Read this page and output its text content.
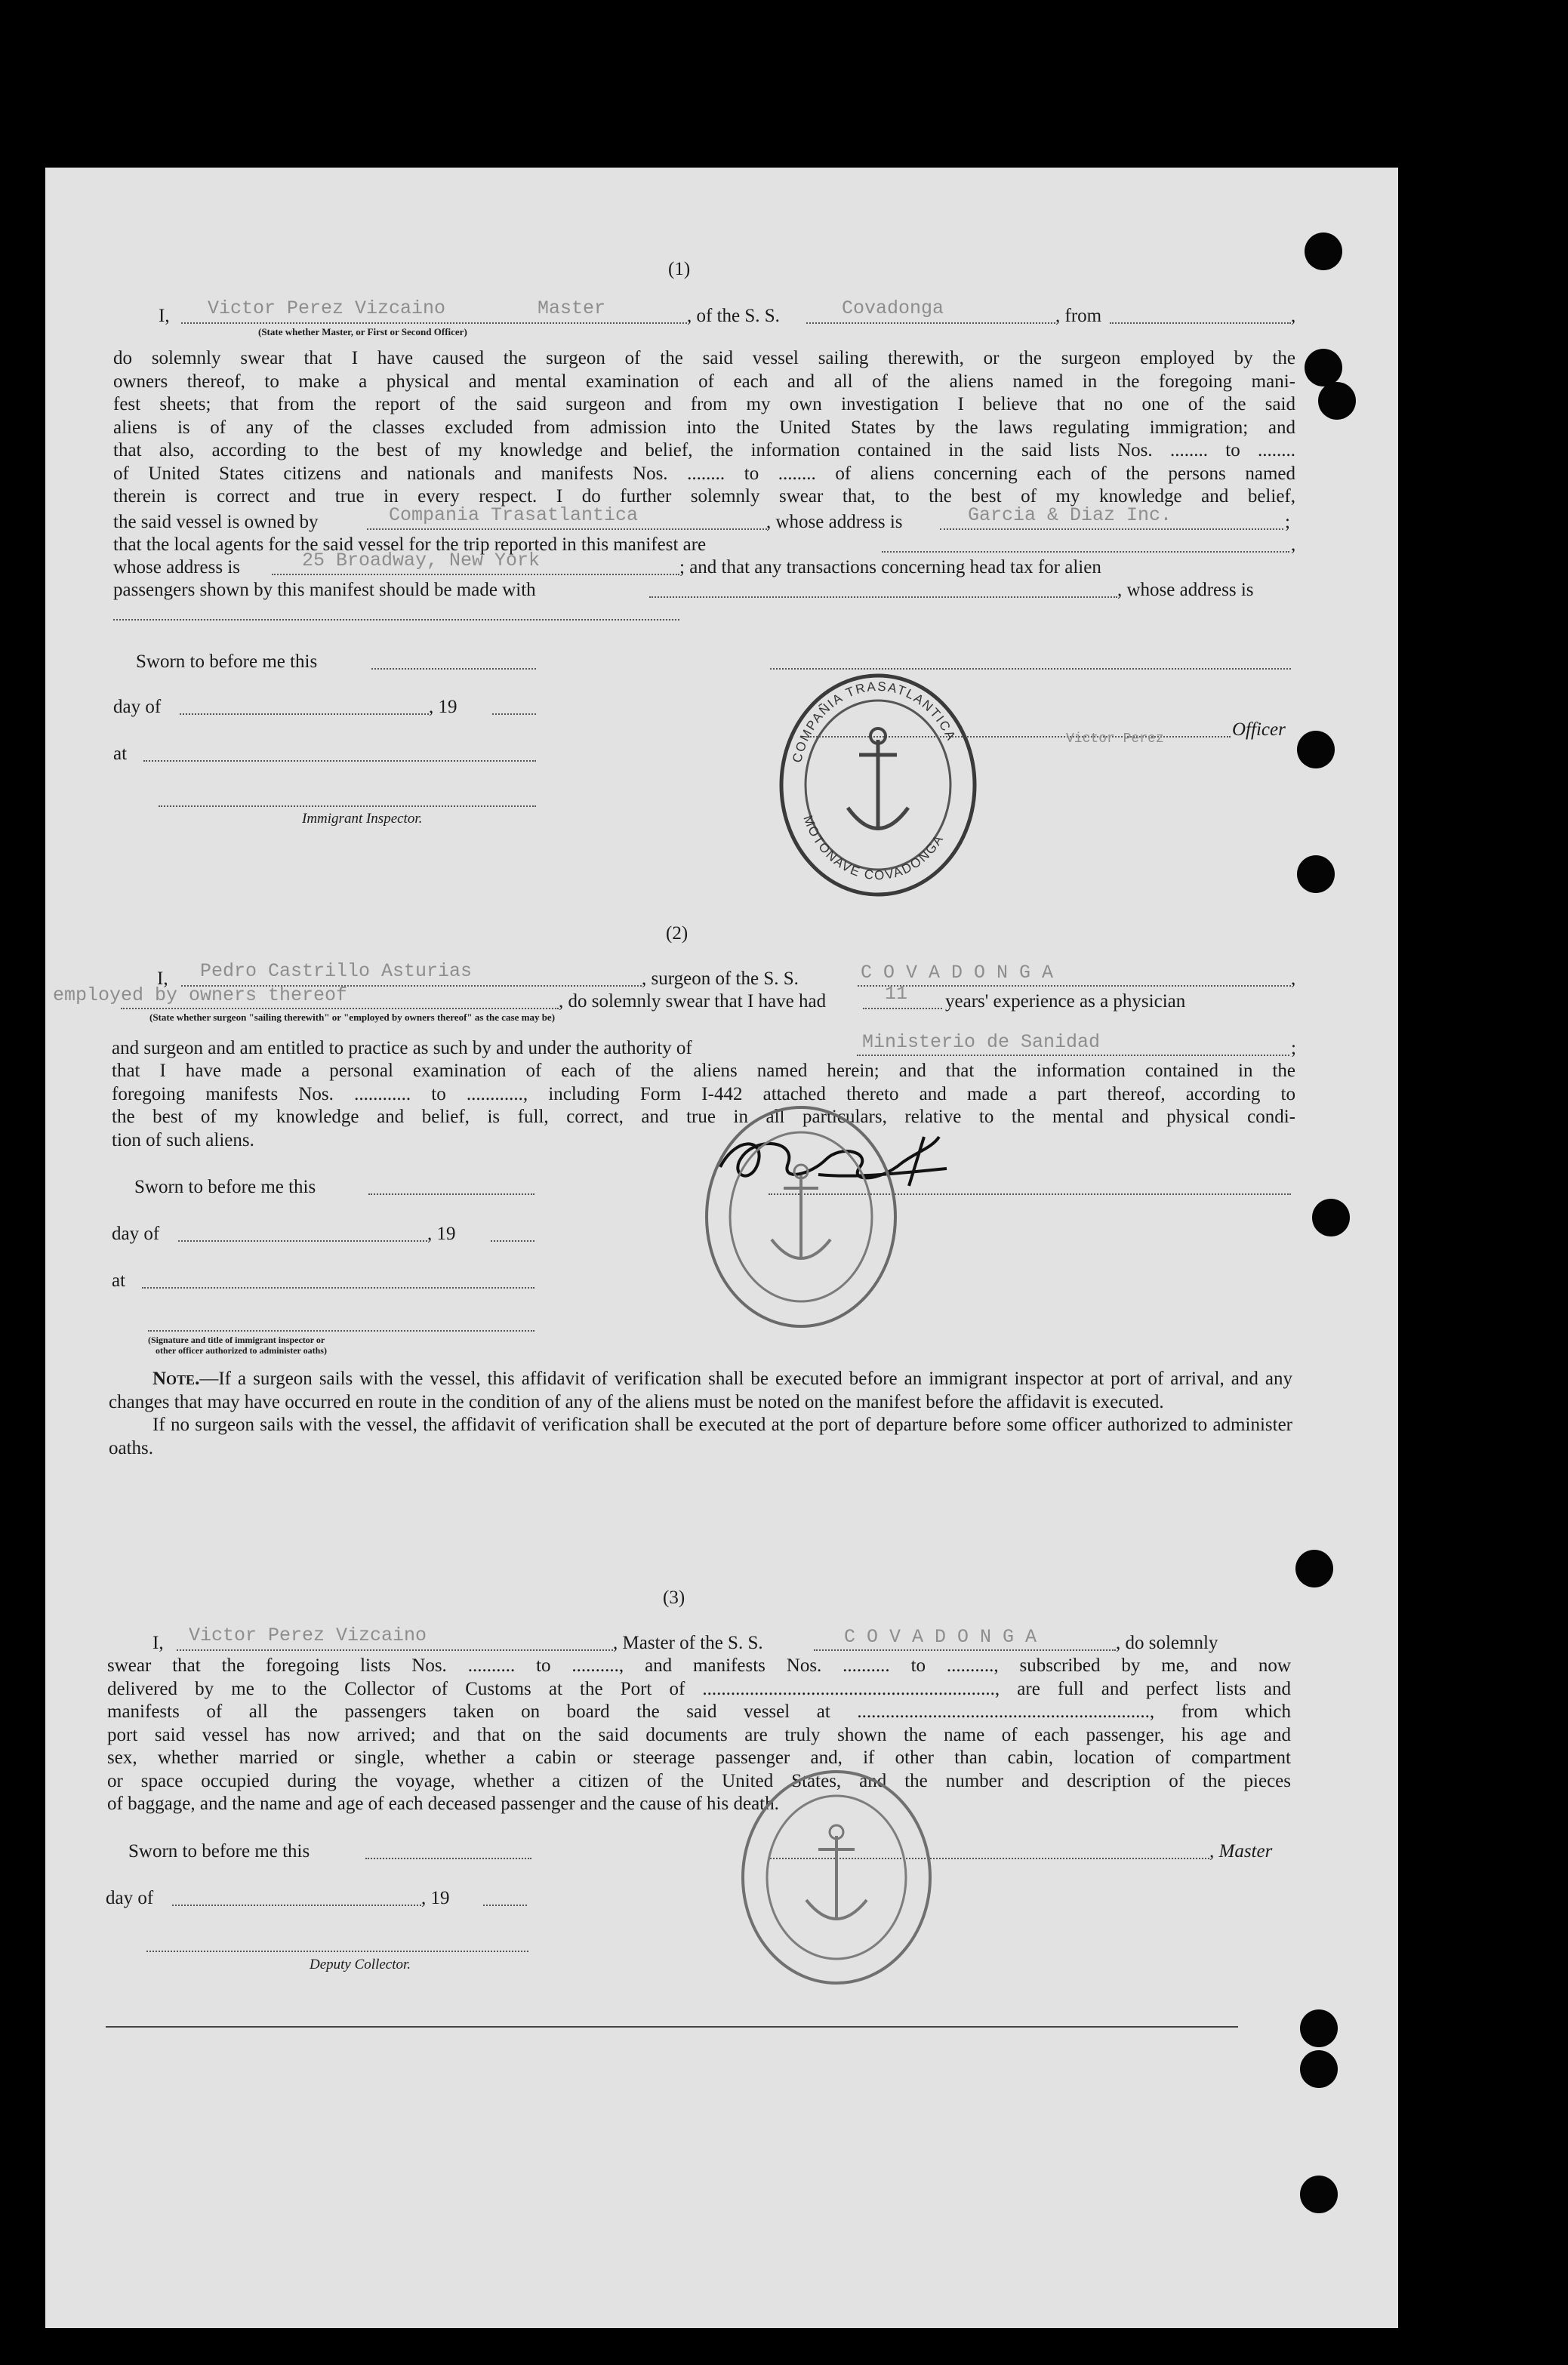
(1)
I, Victor Perez Vizcaino	Master	, of the S. S.	Covadonga	, from	,
(State whether Master, or First or Second Officer)
do solemnly swear that I have caused the surgeon of the said vessel sailing therewith, or the surgeon employed by the
owners thereof, to make a physical and mental examination of each and all of the aliens named in the foregoing mani-
fest sheets; that from the report of the said surgeon and from my own investigation I believe that no one of the said
aliens is of any of the classes excluded from admission into the United States by the laws regulating immigration; and
that also, according to the best of my knowledge and belief, the information contained in the said lists Nos. ........ to ........
of United States citizens and nationals and manifests Nos. ........ to ........ of aliens concerning each of the persons named
therein is correct and true in every respect. I do further solemnly swear that, to the best of my knowledge and belief,
the said vessel is owned by	Compania Trasatlantica	, whose address is	Garcia & Diaz Inc.	;
that the local agents for the said vessel for the trip reported in this manifest are	,
whose address is	25 Broadway, New York	; and that any transactions concerning head tax for alien
passengers shown by this manifest should be made with	, whose address is
Sworn to before me this
day of	, 19
Officer
Victor Perez
at
Immigrant Inspector.
COMPAÑIA TRASATLANTICA
MOTONAVE COVADONGA
(2)
I, Pedro Castrillo Asturias	, surgeon of the S. S.	C O V A D O N G A	,
employed by owners thereof	, do solemnly swear that I have had	11 years' experience as a physician
(State whether surgeon "sailing therewith" or "employed by owners thereof" as the case may be)
and surgeon and am entitled to practice as such by and under the authority of	Ministerio de Sanidad	;
that I have made a personal examination of each of the aliens named herein; and that the information contained in the
foregoing manifests Nos. ............ to ............, including Form I-442 attached thereto and made a part thereof, according to
the best of my knowledge and belief, is full, correct, and true in all particulars, relative to the mental and physical condi-
tion of such aliens.
Sworn to before me this
day of	, 19
at
(Signature and title of immigrant inspector or
other officer authorized to administer oaths)

Note.—If a surgeon sails with the vessel, this affidavit of verification shall be executed before an immigrant inspector at port of arrival, and any changes that may have occurred en route in the condition of any of the aliens must be noted on the manifest before the affidavit is executed.

If no surgeon sails with the vessel, the affidavit of verification shall be executed at the port of departure before some officer authorized to administer oaths.

(3)
I, Victor Perez Vizcaino	, Master of the S. S.	C O V A D O N G A	, do solemnly
swear that the foregoing lists Nos. .......... to .........., and manifests Nos. .......... to .........., subscribed by me, and now
delivered by me to the Collector of Customs at the Port of .............................................................., are full and perfect lists and
manifests of all the passengers taken on board the said vessel at .............................................................., from which
port said vessel has now arrived; and that on the said documents are truly shown the name of each passenger, his age and
sex, whether married or single, whether a cabin or steerage passenger and, if other than cabin, location of compartment
or space occupied during the voyage, whether a citizen of the United States, and the number and description of the pieces
of baggage, and the name and age of each deceased passenger and the cause of his death.
Sworn to before me this	, Master
day of	, 19
Deputy Collector.
